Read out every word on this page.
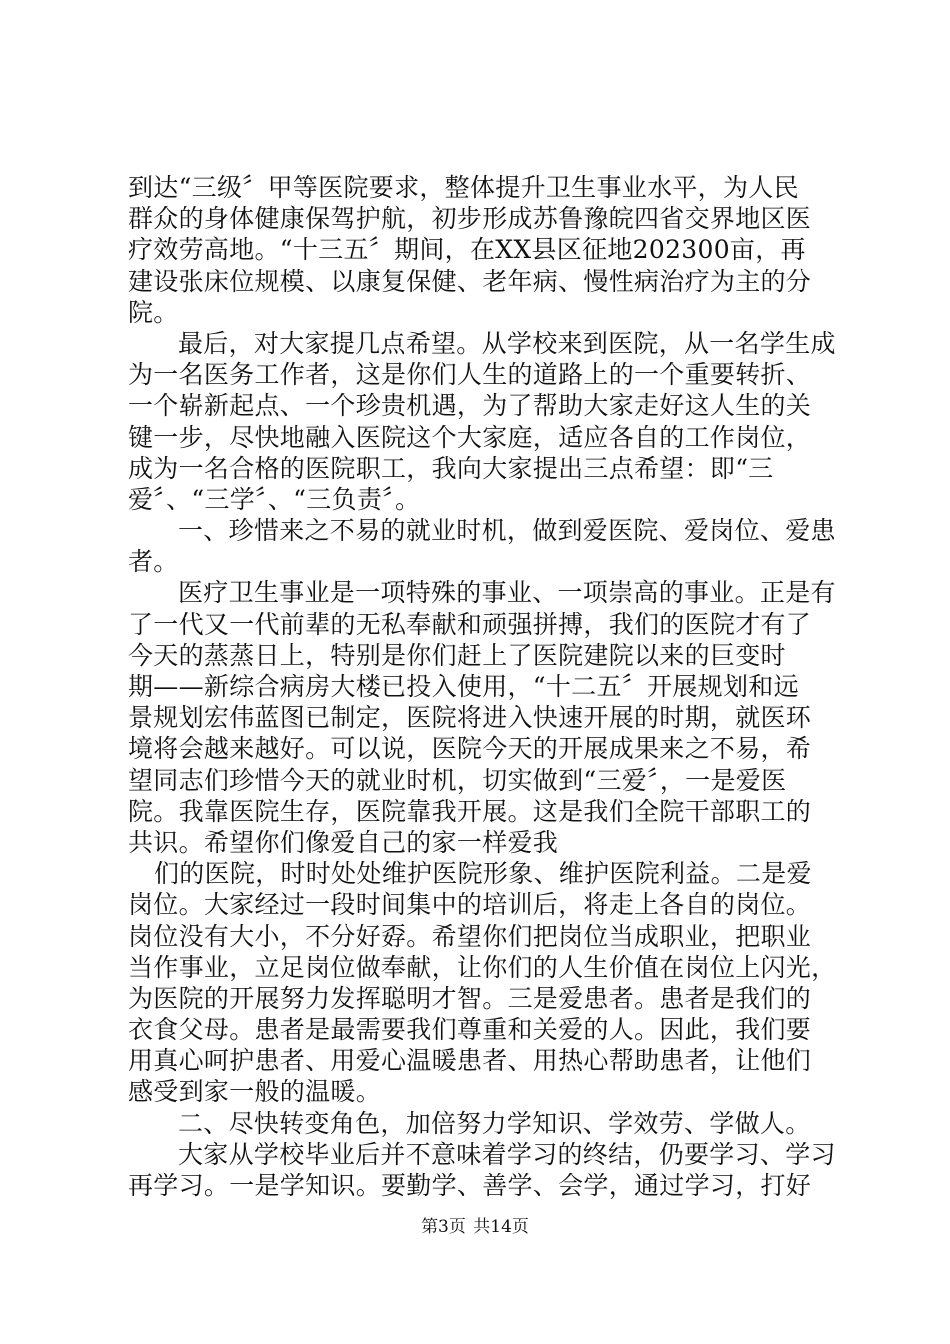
到达“三级〞甲等医院要求，整体提升卫生事业水平，为人民
群众的身体健康保驾护航，初步形成苏鲁豫皖四省交界地区医
疗效劳高地。“十三五〞期间，在XX县区征地202300亩，再
建设张床位规模、以康复保健、老年病、慢性病治疗为主的分
院。
最后，对大家提几点希望。从学校来到医院，从一名学生成
为一名医务工作者，这是你们人生的道路上的一个重要转折、
一个崭新起点、一个珍贵机遇，为了帮助大家走好这人生的关
键一步，尽快地融入医院这个大家庭，适应各自的工作岗位，
成为一名合格的医院职工，我向大家提出三点希望：即“三
爱〞、“三学〞、“三负责〞。
一、珍惜来之不易的就业时机，做到爱医院、爱岗位、爱患
者。
医疗卫生事业是一项特殊的事业、一项崇高的事业。正是有
了一代又一代前辈的无私奉献和顽强拼搏，我们的医院才有了
今天的蒸蒸日上，特别是你们赶上了医院建院以来的巨变时
期——新综合病房大楼已投入使用，“十二五〞开展规划和远
景规划宏伟蓝图已制定，医院将进入快速开展的时期，就医环
境将会越来越好。可以说，医院今天的开展成果来之不易，希
望同志们珍惜今天的就业时机，切实做到“三爱〞，一是爱医
院。我靠医院生存，医院靠我开展。这是我们全院干部职工的
共识。希望你们像爱自己的家一样爱我
们的医院，时时处处维护医院形象、维护医院利益。二是爱
岗位。大家经过一段时间集中的培训后，将走上各自的岗位。
岗位没有大小，不分好孬。希望你们把岗位当成职业，把职业
当作事业，立足岗位做奉献，让你们的人生价值在岗位上闪光，
为医院的开展努力发挥聪明才智。三是爱患者。患者是我们的
衣食父母。患者是最需要我们尊重和关爱的人。因此，我们要
用真心呵护患者、用爱心温暖患者、用热心帮助患者，让他们
感受到家一般的温暖。
二、尽快转变角色，加倍努力学知识、学效劳、学做人。
大家从学校毕业后并不意味着学习的终结，仍要学习、学习
再学习。一是学知识。要勤学、善学、会学，通过学习，打好
第3页 共14页
